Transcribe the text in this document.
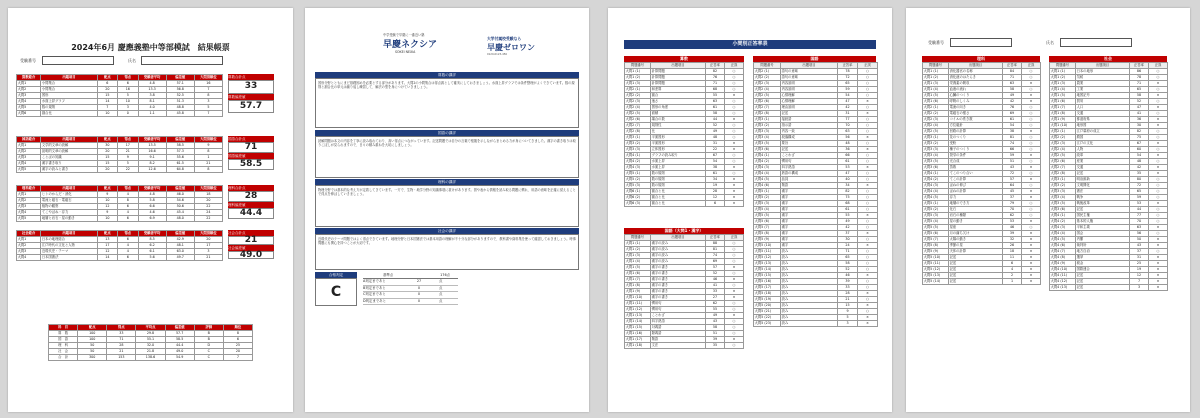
2024年6月 慶應義塾中等部模試　結果帳票
受験番号	氏名
算数総合	出題項目	配点	得点	受験者平均	偏差値	大問別順位
大問1	小問集合	6	6	4.8	57.1	16
大問2	小問集合	20	16	13.3	56.8	7
大問3	図形	15	5	3.8	52.5	8
大問4	水面上昇グラフ	14	10	8.1	51.3	3
大問5	数の規則	7	3	4.0	48.8	5
大問6	割合比	10	0	1.1	45.8	7
算数合計点
33
算数偏差値
57.7
国語総合	出題項目	配点	得点	受験者平均	偏差値	大問別順位
大問1	文学的文章の読解	30	17	13.5	58.5	9
大問2	説明的文章の読解	20	21	16.6	57.3	8
大問3	ことばの知識	15	9	9.1	55.6	1
大問4	漢字書き取り	15	5	8.2	61.5	21
大問5	漢字の読みと書き	20	22	12.6	64.8	8
国語合計点
71
国語偏差値
58.5
理科総合	出題項目	配点	得点	受験者平均	偏差値	大問別順位
大問1	ヒトのからだ・消化	9	4	4.8	46.0	18
大問2	電流と磁石・電磁石	10	8	5.8	54.6	20
大問3	植物の観察	12	6	6.6	50.6	22
大問4	てこやばね・浮力	9	4	4.6	45.4	24
大問5	地層と岩石・星の動き	10	6	6.9	48.0	22
理科合計点
28
理科偏差値
44.4
社会総合	出題項目	配点	得点	受験者平均	偏差値	大問別順位
大問1	日本の地理総合	13	6	8.5	42.9	20
大問2	江戸時代の文化と人物	17	4	6.2	48.1	17
大問3	近現代史・テーマ	12	4	6.1	63.0	3
大問4	日本国憲法	14	6	5.6	49.7	21
社会合計点
21
社会偏差値
49.0
科　目	配点	得点	平均点	偏差値	評価	順位
算　数	100	33	29.8	57.7	B	8
国　語	100	71	55.1	58.5	B	6
理　科	50	28	32.0	44.4	D	25
社　会	50	21	21.8	49.0	C	20
合　計	300	153	138.6	54.9	C	7
中学受験で早慶に一番近い塾
早慶ネクシア
SOKEI NEXIA
大学付属校受験なら
早慶ゼロワン
0120-0123-456
算数の講評
図形分野とともにまだ基礎固めを必要とする部分があります。大問2の小問集合は得点源として確実にしておきましょう。水面上昇グラフでは条件整理がよくできています。数の規則と割合比の単元は繰り返し練習して、解法の型を身につけていきましょう。
国語の講評
読解問題は本文の内容を丁寧に読み取れており、高い得点につながっています。記述問題では自分の言葉で根拠を示しながらまとめる力が身についてきました。漢字の書き取りは取りこぼしが見られますので、日々の積み重ねを大切にしましょう。
理科の講評
物理分野では基本的な考え方が定着してきています。一方で、生物・地学分野の知識事項に抜けがあります。図や表から情報を読み取る問題に慣れ、用語の意味を正確に覚えることで得点を伸ばしていきましょう。
社会の講評
近現代史のテーマ問題ではよく得点できています。地理分野と日本国憲法では基本用語の理解が不十分な部分がありますので、教科書や資料集を使って確認しておきましょう。時事問題にも関心を持つことが大切です。
合格判定
C
基準点	176点
A判定まであと	27	点
B判定まであと	0	点
C判定まであと	0	点
D判定まであと	0	点
小問別正答率表
算数
問題番号	出題項目	正答率	正誤
大問1 (1)	計算問題	82	○
大問1 (2)	計算問題	76	○
大問1 (3)	計算問題	71	○
大問2 (1)	和差算	68	○
大問2 (2)	割合	55	×
大問2 (3)	速さ	63	○
大問2 (4)	図形の角度	61	○
大問2 (5)	面積	58	○
大問2 (6)	場合の数	44	×
大問2 (7)	規則性	52	○
大問2 (8)	比	49	○
大問3 (1)	平面図形	48	○
大問3 (2)	平面図形	31	×
大問3 (3)	立体図形	22	×
大問4 (1)	グラフの読み取り	67	○
大問4 (2)	水面上昇	54	○
大問4 (3)	水面上昇	38	×
大問5 (1)	数の規則	61	○
大問5 (2)	数の規則	34	×
大問5 (3)	数の規則	19	×
大問6 (1)	割合と比	28	×
大問6 (2)	割合と比	12	×
大問6 (3)	割合と比	6	×
国語（大問1・漢字）
問題番号	出題項目	正答率	正誤
大問1 (1)	漢字の読み	88	○
大問1 (2)	漢字の読み	81	○
大問1 (3)	漢字の読み	74	○
大問1 (4)	漢字の読み	69	○
大問1 (5)	漢字の書き	57	×
大問1 (6)	漢字の書き	52	○
大問1 (7)	漢字の書き	46	×
大問1 (8)	漢字の書き	41	○
大問1 (9)	漢字の書き	33	×
大問1 (10)	漢字の書き	27	×
大問1 (11)	慣用句	62	○
大問1 (12)	慣用句	55	○
大問1 (13)	ことわざ	49	×
大問1 (14)	四字熟語	43	○
大問1 (15)	対義語	58	○
大問1 (16)	類義語	51	○
大問1 (17)	敬語	39	×
大問1 (18)	文法	35	○
国語
問題番号	出題項目	正答率	正誤
大問2 (1)	語句の意味	78	○
大問2 (2)	語句の意味	72	○
大問2 (3)	内容説明	65	○
大問2 (4)	内容説明	59	○
大問2 (5)	心情理解	54	○
大問2 (6)	心情理解	47	×
大問2 (7)	理由説明	42	○
大問2 (8)	記述	31	×
大問3 (1)	接続語	77	○
大問3 (2)	指示語	70	○
大問3 (3)	内容一致	63	○
大問3 (4)	段落構成	56	×
大問3 (5)	要旨	48	○
大問3 (6)	記述	36	×
大問4 (1)	ことわざ	66	○
大問4 (2)	慣用句	61	○
大問4 (3)	四字熟語	53	×
大問4 (4)	熟語の構成	47	○
大問4 (5)	品詞	40	○
大問4 (6)	敬語	34	×
大問5 (1)	漢字	82	○
大問5 (2)	漢字	75	○
大問5 (3)	漢字	68	○
大問5 (4)	漢字	61	○
大問5 (5)	漢字	55	×
大問5 (6)	漢字	49	○
大問5 (7)	漢字	42	○
大問5 (8)	漢字	37	×
大問5 (9)	漢字	30	○
大問5 (10)	漢字	24	×
大問5 (11)	読み	71	○
大問5 (12)	読み	65	○
大問5 (13)	読み	58	○
大問5 (14)	読み	52	○
大問5 (15)	読み	46	×
大問5 (16)	読み	39	○
大問5 (17)	読み	33	○
大問5 (18)	読み	28	×
大問5 (19)	読み	21	○
大問5 (20)	読み	15	×
大問5 (21)	読み	9	○
大問5 (22)	読み	5	×
大問5 (23)	読み	3	×
受験番号	氏名
理科
問題番号	出題項目	正答率	正誤
大問1 (1)	消化器官の名称	84	○
大問1 (2)	消化液のはたらき	71	○
大問1 (3)	栄養素の吸収	63	×
大問1 (4)	血液の流れ	58	○
大問1 (5)	心臓のつくり	49	×
大問1 (6)	呼吸のしくみ	42	×
大問2 (1)	電流の向き	76	○
大問2 (2)	電磁石の強さ	69	○
大問2 (3)	コイルの巻き数	61	○
大問2 (4)	方位磁針	54	○
大問2 (5)	回路の計算	38	×
大問3 (1)	花のつくり	81	○
大問3 (2)	受粉	74	○
大問3 (3)	種子のつくり	66	○
大問3 (4)	発芽の条件	59	×
大問3 (5)	光合成	51	○
大問3 (6)	蒸散	43	×
大問4 (1)	てこのつり合い	72	○
大問4 (2)	てこの計算	57	×
大問4 (3)	ばねの伸び	64	○
大問4 (4)	ばねの計算	45	×
大問4 (5)	浮力	37	×
大問5 (1)	地層のでき方	79	○
大問5 (2)	化石	70	○
大問5 (3)	岩石の種類	62	○
大問5 (4)	星の動き	53	×
大問5 (5)	星座	46	○
大問5 (6)	月の満ち欠け	39	×
大問5 (7)	太陽の動き	32	×
大問5 (8)	季節の星	26	×
大問5 (9)	天体の計算	18	×
大問5 (10)	記述	11	×
大問5 (11)	記述	6	×
大問5 (12)	記述	4	×
大問5 (13)	記述	2	×
大問5 (14)	記述	1	×
社会
問題番号	出題項目	正答率	正誤
大問1 (1)	日本の地形	86	○
大問1 (2)	気候	78	○
大問1 (3)	農業	71	×
大問1 (4)	工業	65	○
大問1 (5)	地図記号	58	×
大問1 (6)	貿易	52	○
大問1 (7)	人口	47	×
大問1 (8)	交通	41	○
大問1 (9)	都道府県	36	×
大問1 (10)	地形図	30	×
大問2 (1)	江戸幕府の成立	82	○
大問2 (2)	鎖国	75	○
大問2 (3)	江戸の文化	67	×
大問2 (4)	人物	60	○
大問2 (5)	改革	54	×
大問2 (6)	産業	48	○
大問2 (7)	交通	42	×
大問2 (8)	記述	35	×
大問3 (1)	明治維新	80	○
大問3 (2)	文明開化	72	○
大問3 (3)	憲法	65	○
大問3 (4)	戦争	59	○
大問3 (5)	戦後改革	53	×
大問3 (6)	記述	44	○
大問4 (1)	国民主権	77	○
大問4 (2)	基本的人権	70	○
大問4 (3)	平和主義	63	×
大問4 (4)	国会	56	○
大問4 (5)	内閣	50	×
大問4 (6)	裁判所	43	×
大問4 (7)	地方自治	37	○
大問4 (8)	選挙	31	×
大問4 (9)	税金	25	×
大問4 (10)	国際連合	19	×
大問4 (11)	記述	12	×
大問4 (12)	記述	7	×
大問4 (13)	記述	3	×
